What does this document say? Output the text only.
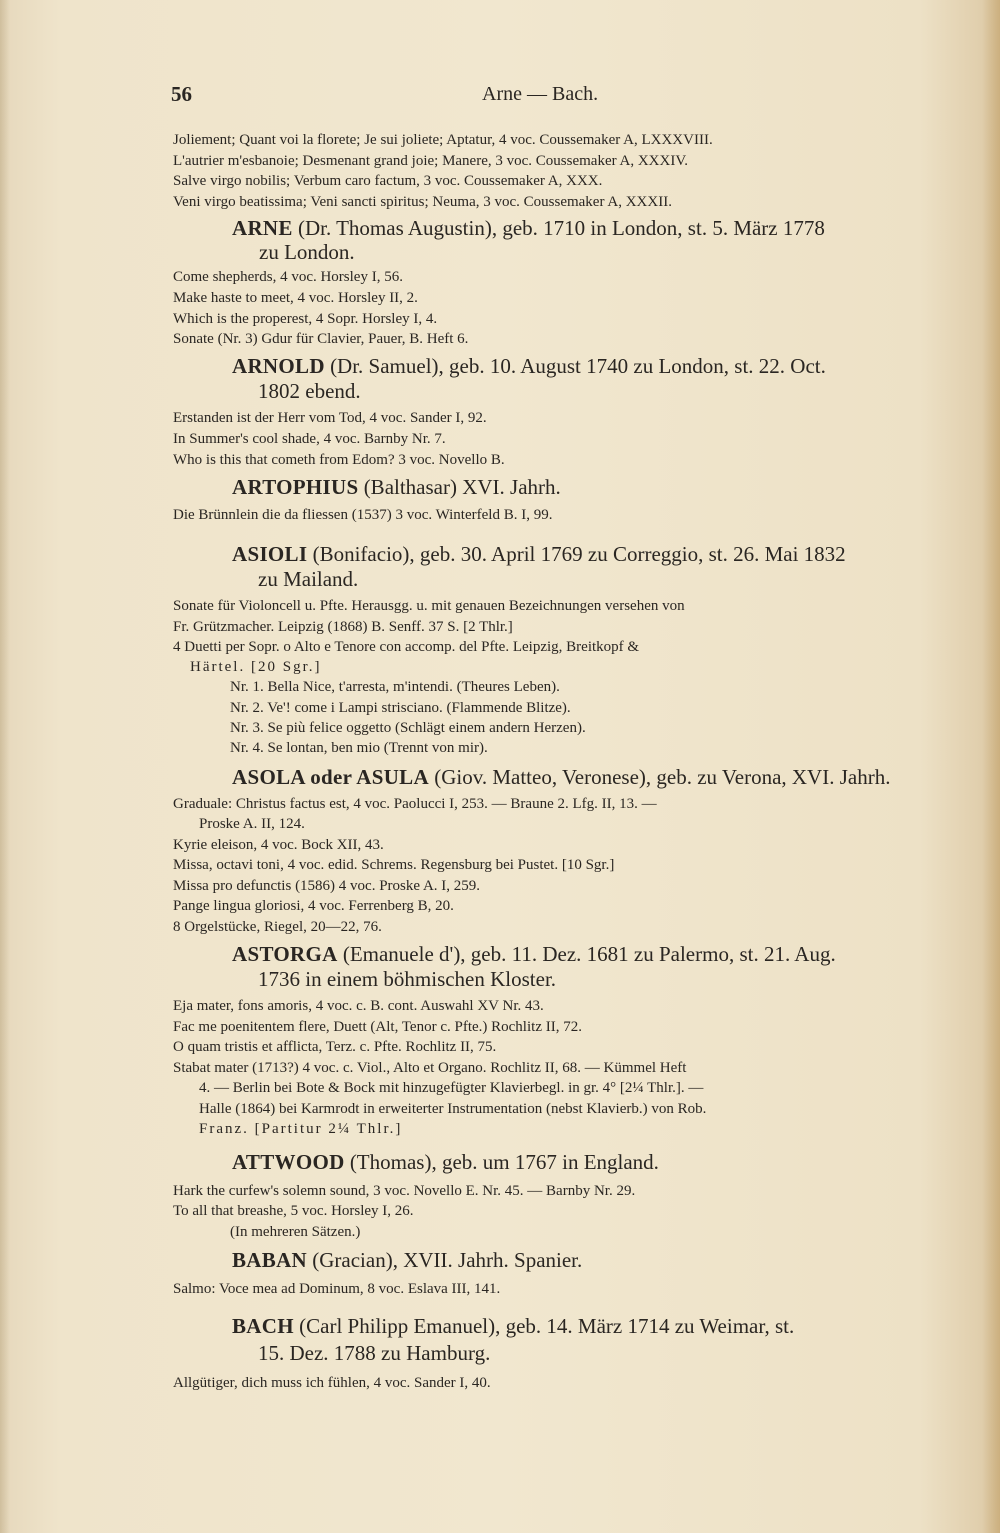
56	Arne — Bach.
Joliement; Quant voi la florete; Je sui joliete; Aptatur, 4 voc. Coussemaker A, LXXXVIII.
L'autrier m'esbanoie; Desmenant grand joie; Manere, 3 voc. Coussemaker A, XXXIV.
Salve virgo nobilis; Verbum caro factum, 3 voc. Coussemaker A, XXX.
Veni virgo beatissima; Veni sancti spiritus; Neuma, 3 voc. Coussemaker A, XXXII.
ARNE (Dr. Thomas Augustin), geb. 1710 in London, st. 5. März 1778
zu London.
Come shepherds, 4 voc. Horsley I, 56.
Make haste to meet, 4 voc. Horsley II, 2.
Which is the properest, 4 Sopr. Horsley I, 4.
Sonate (Nr. 3) Gdur für Clavier, Pauer, B. Heft 6.
ARNOLD (Dr. Samuel), geb. 10. August 1740 zu London, st. 22. Oct.
1802 ebend.
Erstanden ist der Herr vom Tod, 4 voc. Sander I, 92.
In Summer's cool shade, 4 voc. Barnby Nr. 7.
Who is this that cometh from Edom? 3 voc. Novello B.
ARTOPHIUS (Balthasar) XVI. Jahrh.
Die Brünnlein die da fliessen (1537) 3 voc. Winterfeld B. I, 99.
ASIOLI (Bonifacio), geb. 30. April 1769 zu Correggio, st. 26. Mai 1832
zu Mailand.
Sonate für Violoncell u. Pfte. Herausgg. u. mit genauen Bezeichnungen versehen von
Fr. Grützmacher. Leipzig (1868) B. Senff. 37 S. [2 Thlr.]
4 Duetti per Sopr. o Alto e Tenore con accomp. del Pfte. Leipzig, Breitkopf &
Härtel. [20 Sgr.]
Nr. 1. Bella Nice, t'arresta, m'intendi. (Theures Leben).
Nr. 2. Ve'! come i Lampi strisciano. (Flammende Blitze).
Nr. 3. Se più felice oggetto (Schlägt einem andern Herzen).
Nr. 4. Se lontan, ben mio (Trennt von mir).
ASOLA oder ASULA (Giov. Matteo, Veronese), geb. zu Verona, XVI. Jahrh.
Graduale: Christus factus est, 4 voc. Paolucci I, 253. — Braune 2. Lfg. II, 13. —
Proske A. II, 124.
Kyrie eleison, 4 voc. Bock XII, 43.
Missa, octavi toni, 4 voc. edid. Schrems. Regensburg bei Pustet. [10 Sgr.]
Missa pro defunctis (1586) 4 voc. Proske A. I, 259.
Pange lingua gloriosi, 4 voc. Ferrenberg B, 20.
8 Orgelstücke, Riegel, 20—22, 76.
ASTORGA (Emanuele d'), geb. 11. Dez. 1681 zu Palermo, st. 21. Aug.
1736 in einem böhmischen Kloster.
Eja mater, fons amoris, 4 voc. c. B. cont. Auswahl XV Nr. 43.
Fac me poenitentem flere, Duett (Alt, Tenor c. Pfte.) Rochlitz II, 72.
O quam tristis et afflicta, Terz. c. Pfte. Rochlitz II, 75.
Stabat mater (1713?) 4 voc. c. Viol., Alto et Organo. Rochlitz II, 68. — Kümmel Heft
4. — Berlin bei Bote & Bock mit hinzugefügter Klavierbegl. in gr. 4° [2¼ Thlr.]. —
Halle (1864) bei Karmrodt in erweiterter Instrumentation (nebst Klavierb.) von Rob.
Franz. [Partitur 2¼ Thlr.]
ATTWOOD (Thomas), geb. um 1767 in England.
Hark the curfew's solemn sound, 3 voc. Novello E. Nr. 45. — Barnby Nr. 29.
To all that breashe, 5 voc. Horsley I, 26.
(In mehreren Sätzen.)
BABAN (Gracian), XVII. Jahrh. Spanier.
Salmo: Voce mea ad Dominum, 8 voc. Eslava III, 141.
BACH (Carl Philipp Emanuel), geb. 14. März 1714 zu Weimar, st.
15. Dez. 1788 zu Hamburg.
Allgütiger, dich muss ich fühlen, 4 voc. Sander I, 40.
